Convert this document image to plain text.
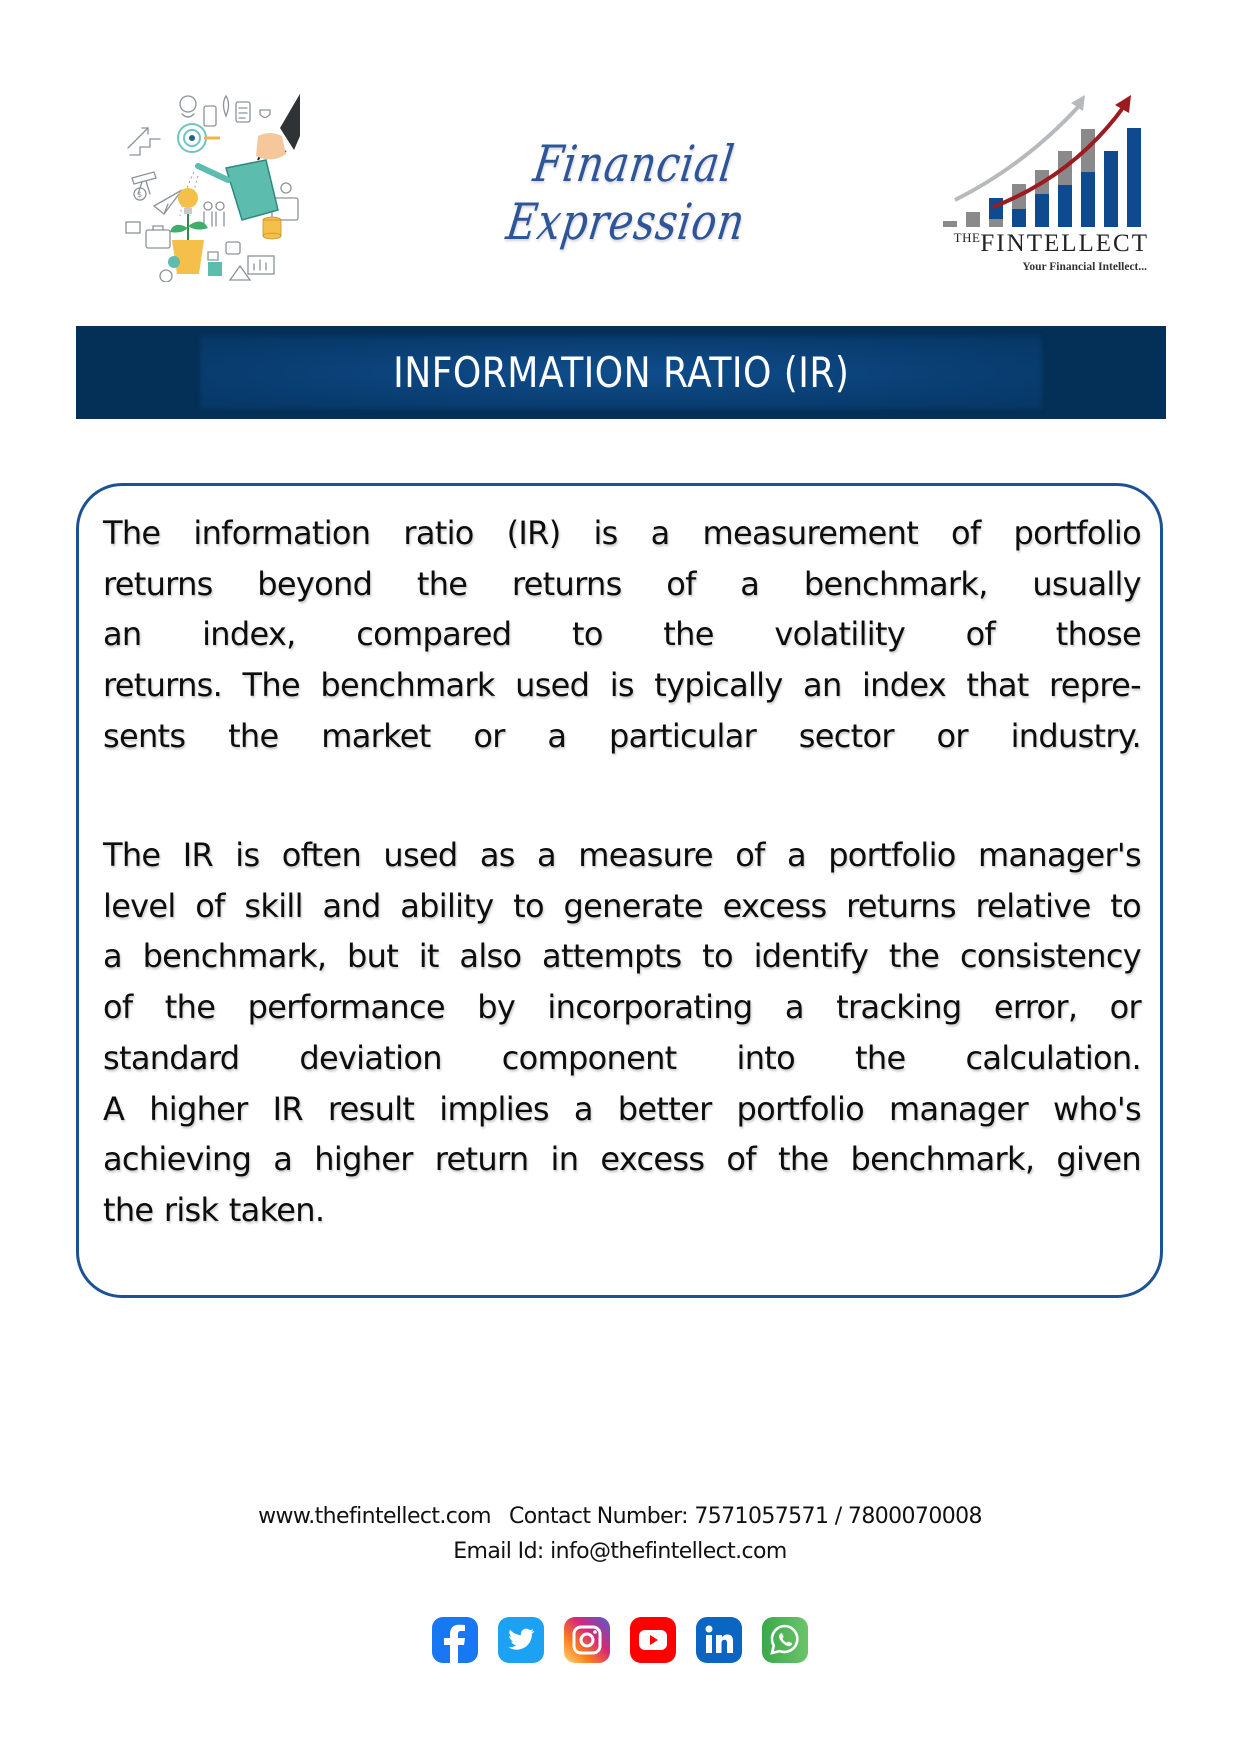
$
Financial Expression	$^{THE}$FINTELLECT
Your Financial Intellect...
INFORMATION RATIO (IR)

The information ratio (IR) is a measurement of portfolio
returns beyond the returns of a benchmark, usually
an index, compared to the volatility of those
returns. The benchmark used is typically an index that repre-
sents the market or a particular sector or industry.

The IR is often used as a measure of a portfolio manager's
level of skill and ability to generate excess returns relative to
a benchmark, but it also attempts to identify the consistency
of the performance by incorporating a tracking error, or
standard deviation component into the calculation.
A higher IR result implies a better portfolio manager who's
achieving a higher return in excess of the benchmark, given
the risk taken.

www.thefintellect.com Contact Number: 7571057571 / 7800070008
Email Id: info@thefintellect.com
